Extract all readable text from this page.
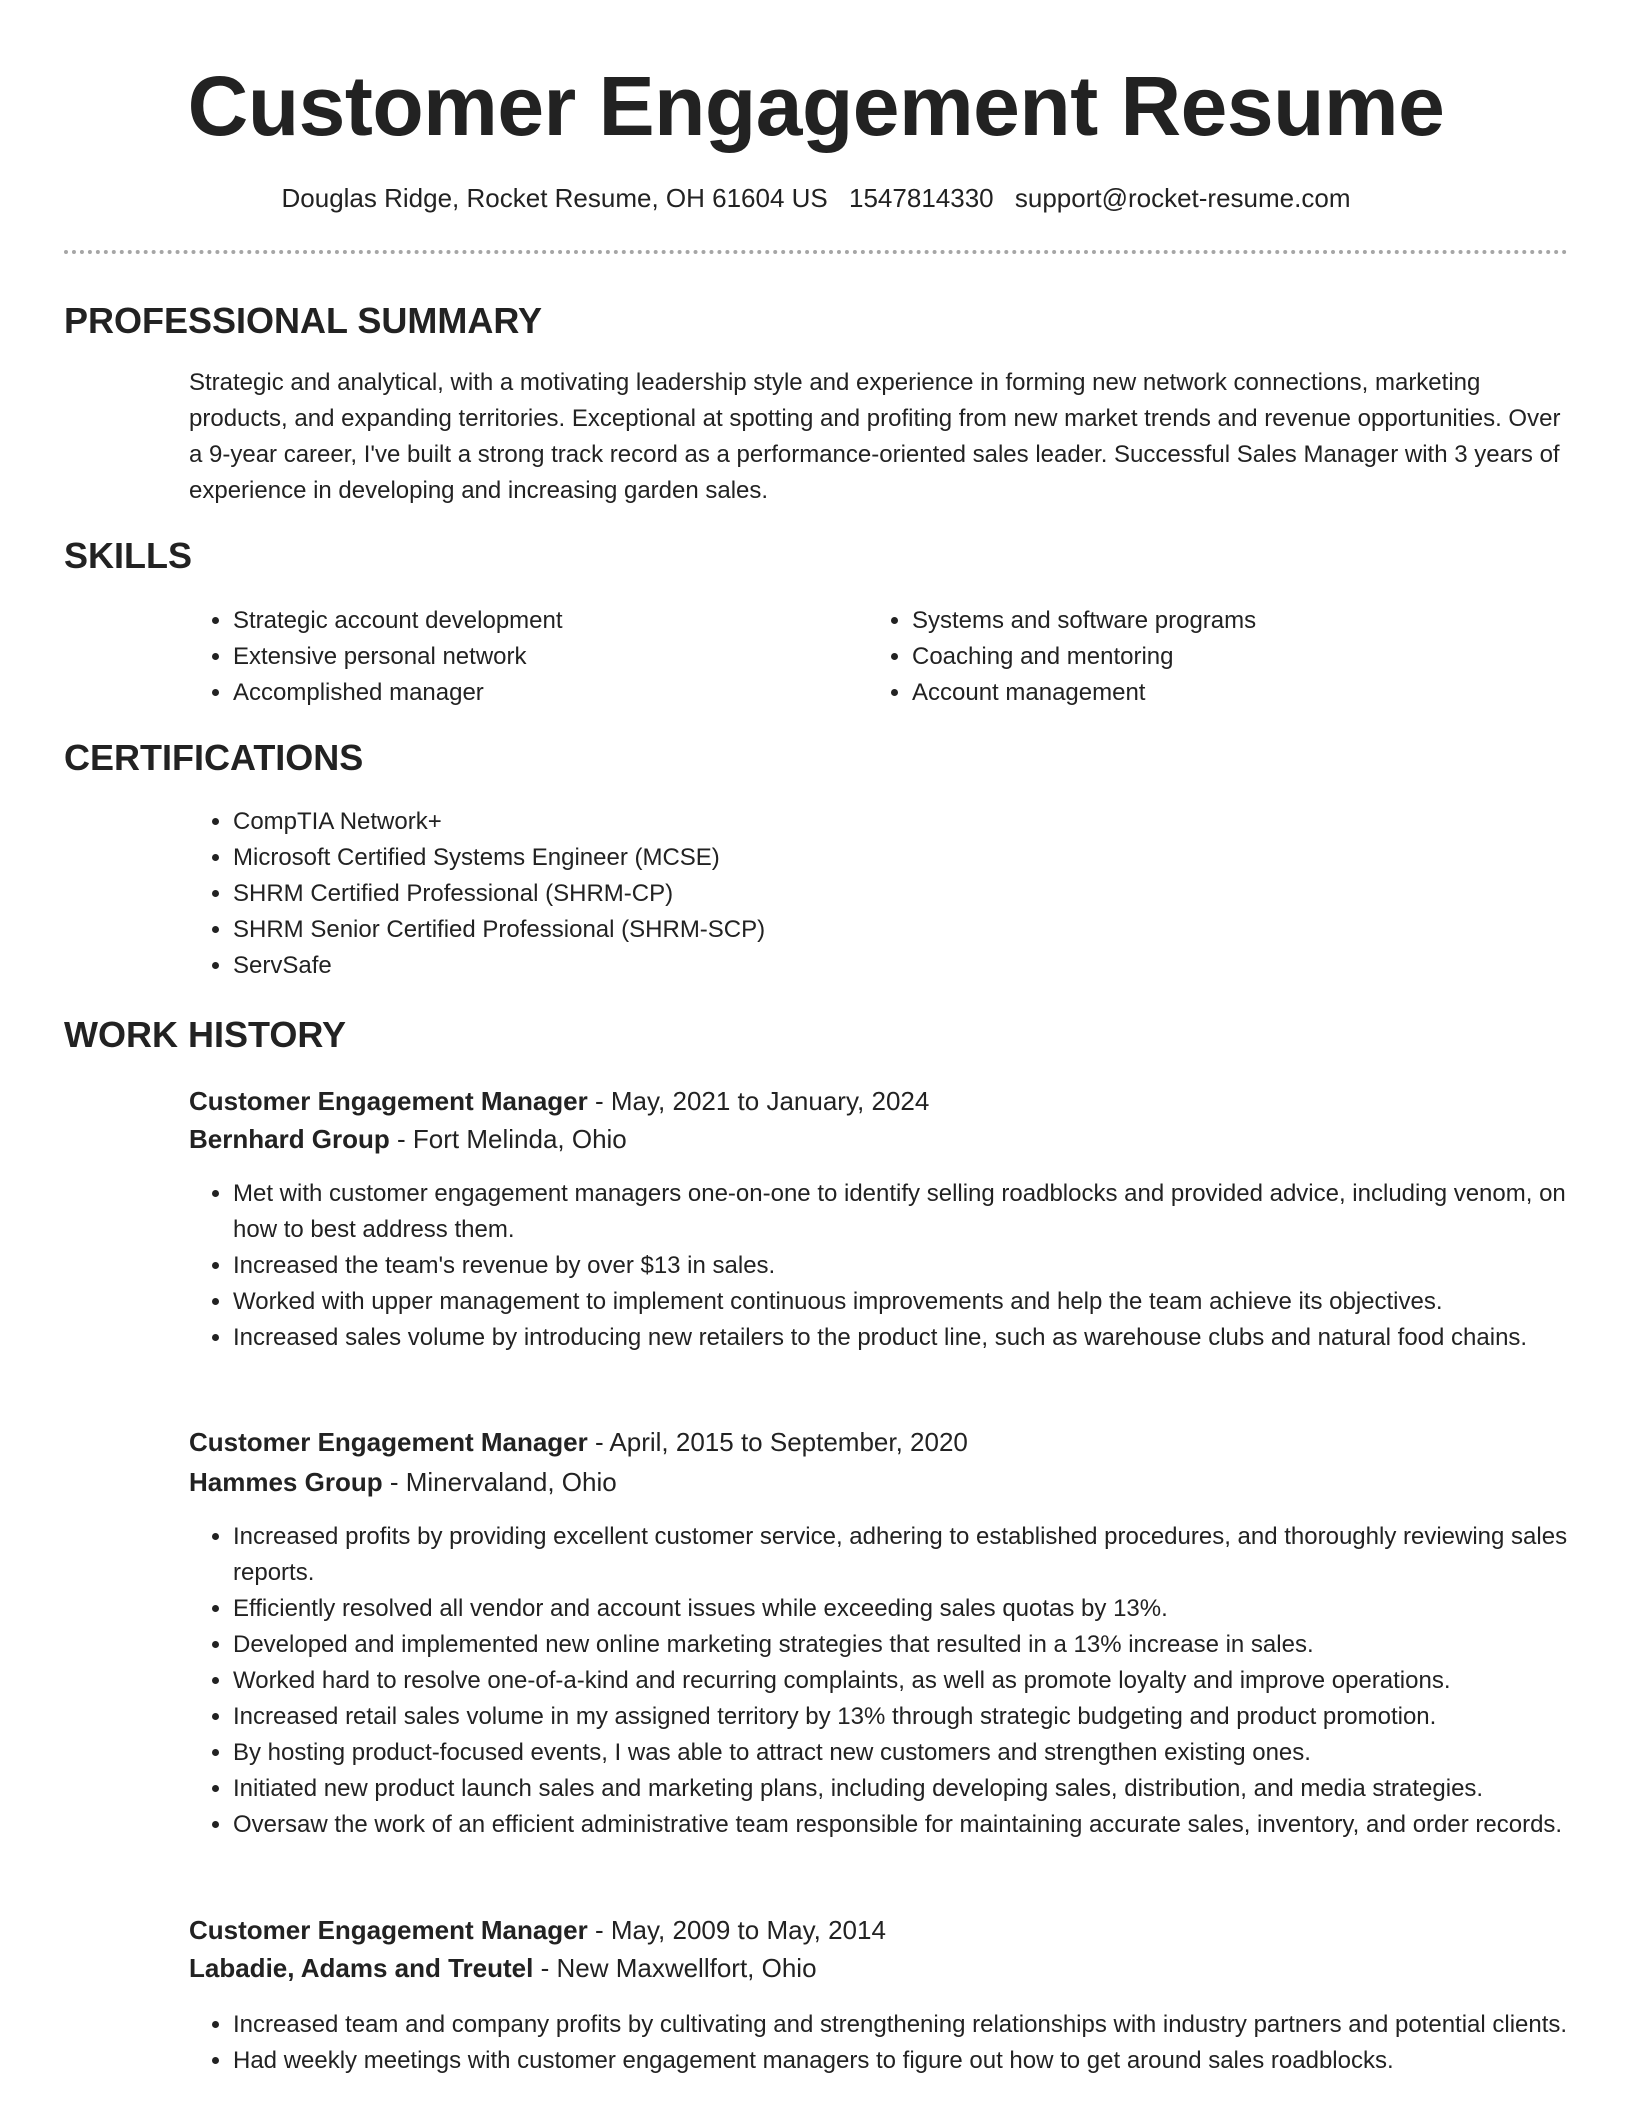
Customer Engagement Resume
Douglas Ridge, Rocket Resume, OH 61604 US 1547814330 support@rocket-resume.com
PROFESSIONAL SUMMARY

Strategic and analytical, with a motivating leadership style and experience in forming new network connections, marketing products, and expanding territories. Exceptional at spotting and profiting from new market trends and revenue opportunities. Over a 9-year career, I've built a strong track record as a performance-oriented sales leader. Successful Sales Manager with 3 years of experience in developing and increasing garden sales.

SKILLS
• Strategic account development
• Extensive personal network
• Accomplished manager
• Systems and software programs
• Coaching and mentoring
• Account management
CERTIFICATIONS
• CompTIA Network+
• Microsoft Certified Systems Engineer (MCSE)
• SHRM Certified Professional (SHRM-CP)
• SHRM Senior Certified Professional (SHRM-SCP)
• ServSafe
WORK HISTORY
Customer Engagement Manager - May, 2021 to January, 2024
Bernhard Group - Fort Melinda, Ohio
• Met with customer engagement managers one-on-one to identify selling roadblocks and provided advice, including venom, on how to best address them.
• Increased the team's revenue by over $13 in sales.
• Worked with upper management to implement continuous improvements and help the team achieve its objectives.
• Increased sales volume by introducing new retailers to the product line, such as warehouse clubs and natural food chains.
Customer Engagement Manager - April, 2015 to September, 2020
Hammes Group - Minervaland, Ohio
• Increased profits by providing excellent customer service, adhering to established procedures, and thoroughly reviewing sales reports.
• Efficiently resolved all vendor and account issues while exceeding sales quotas by 13%.
• Developed and implemented new online marketing strategies that resulted in a 13% increase in sales.
• Worked hard to resolve one-of-a-kind and recurring complaints, as well as promote loyalty and improve operations.
• Increased retail sales volume in my assigned territory by 13% through strategic budgeting and product promotion.
• By hosting product-focused events, I was able to attract new customers and strengthen existing ones.
• Initiated new product launch sales and marketing plans, including developing sales, distribution, and media strategies.
• Oversaw the work of an efficient administrative team responsible for maintaining accurate sales, inventory, and order records.
Customer Engagement Manager - May, 2009 to May, 2014
Labadie, Adams and Treutel - New Maxwellfort, Ohio
• Increased team and company profits by cultivating and strengthening relationships with industry partners and potential clients.
• Had weekly meetings with customer engagement managers to figure out how to get around sales roadblocks.
